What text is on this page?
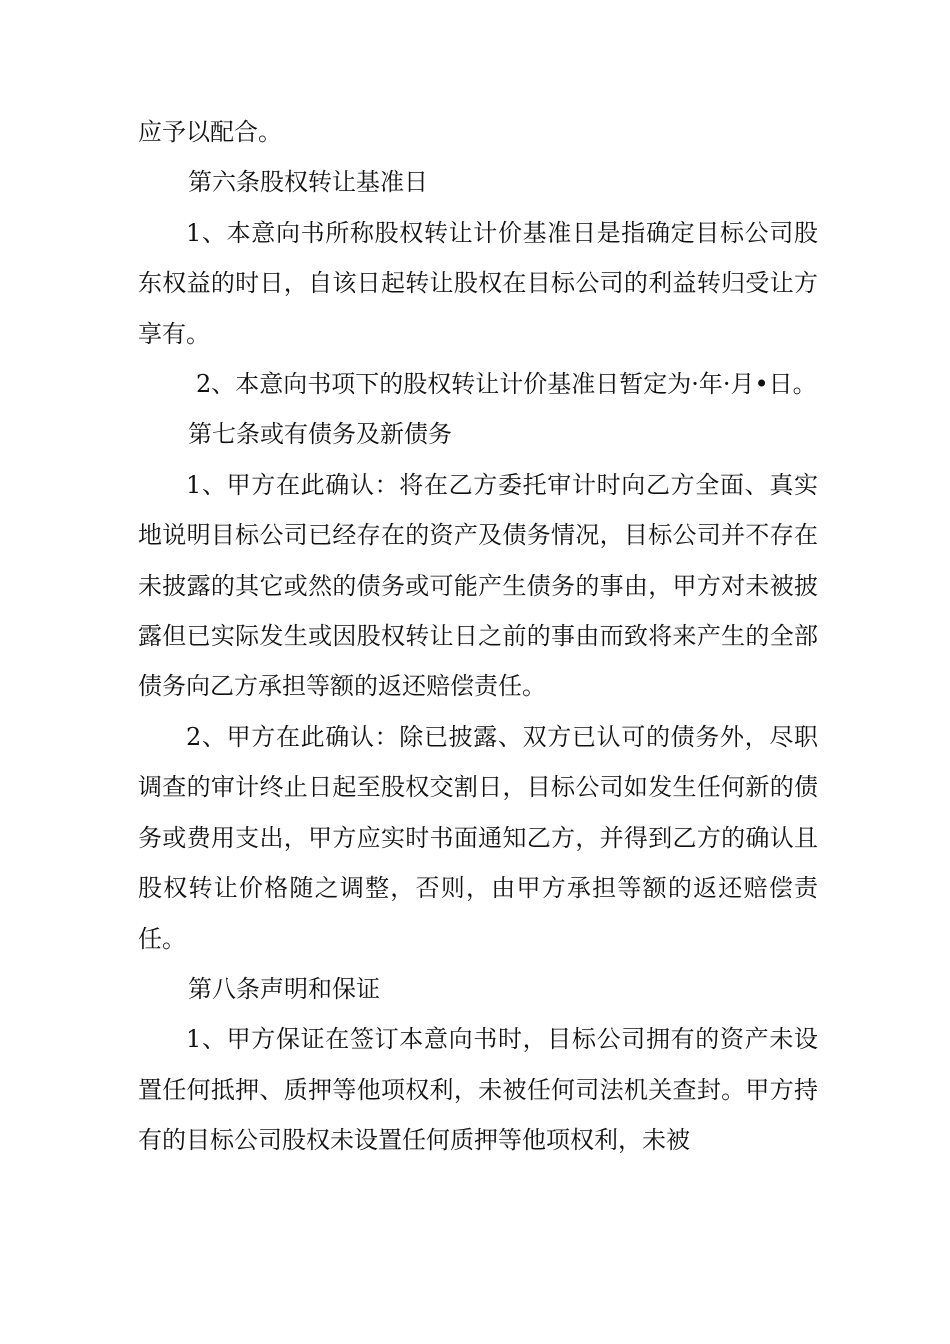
应予以配合。

第六条股权转让基准日

1、本意向书所称股权转让计价基准日是指确定目标公司股东权益的时日，自该日起转让股权在目标公司的利益转归受让方享有。

2、本意向书项下的股权转让计价基准日暂定为·年·月•日。

第七条或有债务及新债务

1、甲方在此确认：将在乙方委托审计时向乙方全面、真实地说明目标公司已经存在的资产及债务情况，目标公司并不存在未披露的其它或然的债务或可能产生债务的事由，甲方对未被披露但已实际发生或因股权转让日之前的事由而致将来产生的全部债务向乙方承担等额的返还赔偿责任。

2、甲方在此确认：除已披露、双方已认可的债务外，尽职调查的审计终止日起至股权交割日，目标公司如发生任何新的债务或费用支出，甲方应实时书面通知乙方，并得到乙方的确认且股权转让价格随之调整，否则，由甲方承担等额的返还赔偿责任。

第八条声明和保证

1、甲方保证在签订本意向书时，目标公司拥有的资产未设置任何抵押、质押等他项权利，未被任何司法机关查封。甲方持有的目标公司股权未设置任何质押等他项权利，未被
